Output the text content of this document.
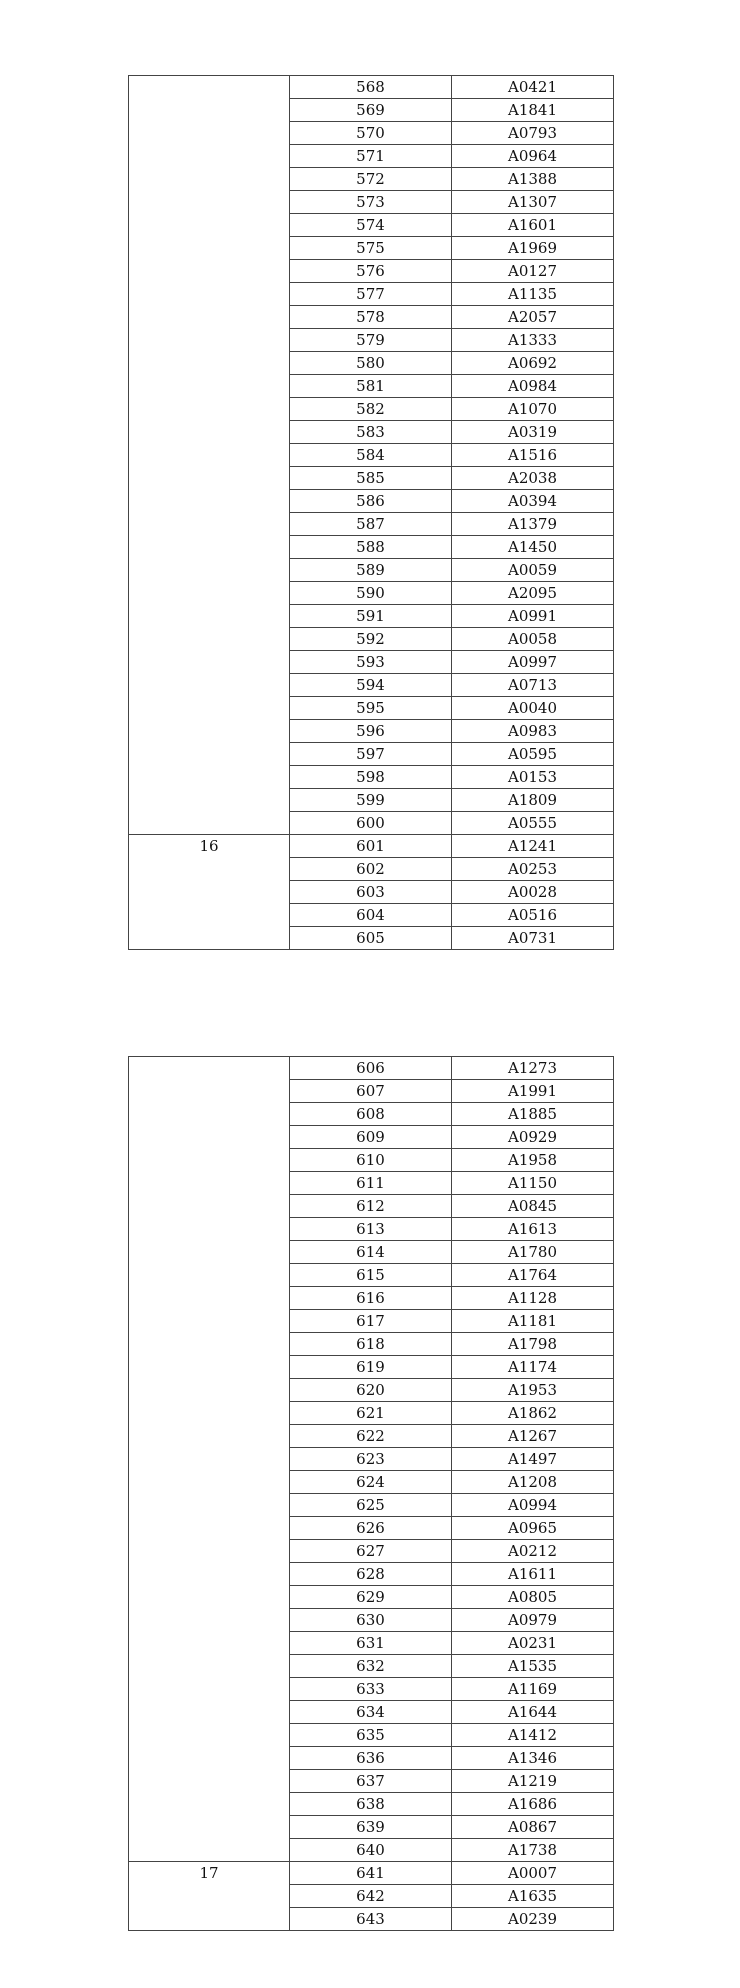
	568	A0421
	569	A1841
	570	A0793
	571	A0964
	572	A1388
	573	A1307
	574	A1601
	575	A1969
	576	A0127
	577	A1135
	578	A2057
	579	A1333
	580	A0692
	581	A0984
	582	A1070
	583	A0319
	584	A1516
	585	A2038
	586	A0394
	587	A1379
	588	A1450
	589	A0059
	590	A2095
	591	A0991
	592	A0058
	593	A0997
	594	A0713
	595	A0040
	596	A0983
	597	A0595
	598	A0153
	599	A1809
	600	A0555
16	601	A1241
	602	A0253
	603	A0028
	604	A0516
	605	A0731
	606	A1273
	607	A1991
	608	A1885
	609	A0929
	610	A1958
	611	A1150
	612	A0845
	613	A1613
	614	A1780
	615	A1764
	616	A1128
	617	A1181
	618	A1798
	619	A1174
	620	A1953
	621	A1862
	622	A1267
	623	A1497
	624	A1208
	625	A0994
	626	A0965
	627	A0212
	628	A1611
	629	A0805
	630	A0979
	631	A0231
	632	A1535
	633	A1169
	634	A1644
	635	A1412
	636	A1346
	637	A1219
	638	A1686
	639	A0867
	640	A1738
17	641	A0007
	642	A1635
	643	A0239
